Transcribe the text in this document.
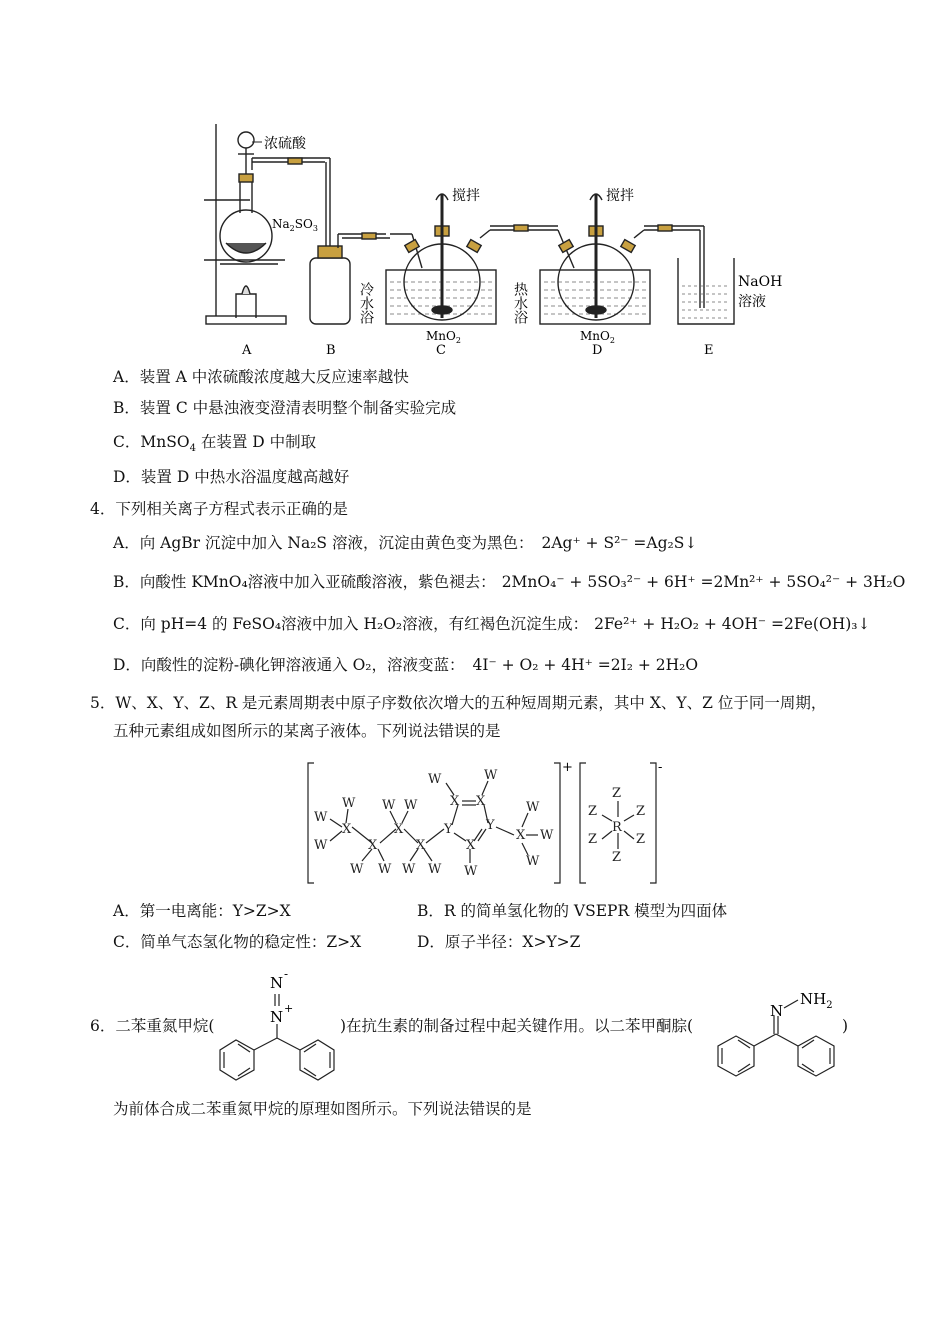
浓硫酸
$Na_2SO_3$
搅拌	搅拌
冷水浴	热水浴
MnO$_2$	MnO$_2$
NaOH
溶液
A	B	C	D	E
A．装置 A 中浓硫酸浓度越大反应速率越快
B．装置 C 中悬浊液变澄清表明整个制备实验完成
C．MnSO$_4$ 在装置 D 中制取
D．装置 D 中热水浴温度越高越好
4．下列相关离子方程式表示正确的是
A．向 AgBr 沉淀中加入 Na₂S 溶液，沉淀由黄色变为黑色： 2Ag⁺ + S²⁻ =Ag₂S↓
B．向酸性 KMnO₄溶液中加入亚硫酸溶液，紫色褪去： 2MnO₄⁻ + 5SO₃²⁻ + 6H⁺ =2Mn²⁺ + 5SO₄²⁻ + 3H₂O
C．向 pH=4 的 FeSO₄溶液中加入 H₂O₂溶液，有红褐色沉淀生成： 2Fe²⁺ + H₂O₂ + 4OH⁻ =2Fe(OH)₃↓
D．向酸性的淀粉-碘化钾溶液通入 O₂，溶液变蓝： 4I⁻ + O₂ + 4H⁺ =2I₂ + 2H₂O
5．W、X、Y、Z、R 是元素周期表中原子序数依次增大的五种短周期元素，其中 X、Y、Z 位于同一周期，
五种元素组成如图所示的某离子液体。下列说法错误的是
W
W
W
X
X
W W
W W
X
X
W W
Y
W	W
X X
Y
X
W
X
W
W
W
Z
Z	Z
R
Z	Z
Z
+	-
A．第一电离能：Y>Z>X	B．R 的简单氢化物的 VSEPR 模型为四面体
C．简单气态氢化物的稳定性：Z>X	D．原子半径：X>Y>Z
6．二苯重氮甲烷(
N -
N +
)在抗生素的制备过程中起关键作用。以二苯甲酮腙(
N
$NH_2$
)
为前体合成二苯重氮甲烷的原理如图所示。下列说法错误的是
